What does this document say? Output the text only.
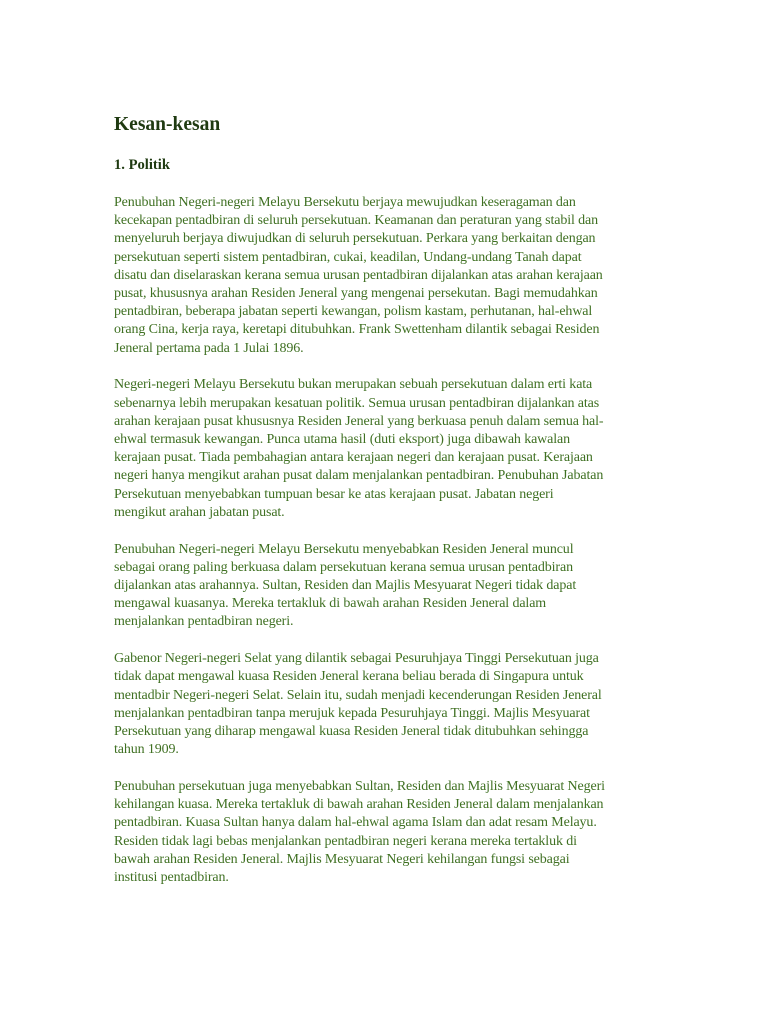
Kesan-kesan
1. Politik

Penubuhan Negeri-negeri Melayu Bersekutu berjaya mewujudkan keseragaman dan
kecekapan pentadbiran di seluruh persekutuan. Keamanan dan peraturan yang stabil dan
menyeluruh berjaya diwujudkan di seluruh persekutuan. Perkara yang berkaitan dengan
persekutuan seperti sistem pentadbiran, cukai, keadilan, Undang-undang Tanah dapat
disatu dan diselaraskan kerana semua urusan pentadbiran dijalankan atas arahan kerajaan
pusat, khususnya arahan Residen Jeneral yang mengenai persekutan. Bagi memudahkan
pentadbiran, beberapa jabatan seperti kewangan, polism kastam, perhutanan, hal-ehwal
orang Cina, kerja raya, keretapi ditubuhkan. Frank Swettenham dilantik sebagai Residen
Jeneral pertama pada 1 Julai 1896.

Negeri-negeri Melayu Bersekutu bukan merupakan sebuah persekutuan dalam erti kata
sebenarnya lebih merupakan kesatuan politik. Semua urusan pentadbiran dijalankan atas
arahan kerajaan pusat khususnya Residen Jeneral yang berkuasa penuh dalam semua hal-
ehwal termasuk kewangan. Punca utama hasil (duti eksport) juga dibawah kawalan
kerajaan pusat. Tiada pembahagian antara kerajaan negeri dan kerajaan pusat. Kerajaan
negeri hanya mengikut arahan pusat dalam menjalankan pentadbiran. Penubuhan Jabatan
Persekutuan menyebabkan tumpuan besar ke atas kerajaan pusat. Jabatan negeri
mengikut arahan jabatan pusat.

Penubuhan Negeri-negeri Melayu Bersekutu menyebabkan Residen Jeneral muncul
sebagai orang paling berkuasa dalam persekutuan kerana semua urusan pentadbiran
dijalankan atas arahannya. Sultan, Residen dan Majlis Mesyuarat Negeri tidak dapat
mengawal kuasanya. Mereka tertakluk di bawah arahan Residen Jeneral dalam
menjalankan pentadbiran negeri.

Gabenor Negeri-negeri Selat yang dilantik sebagai Pesuruhjaya Tinggi Persekutuan juga
tidak dapat mengawal kuasa Residen Jeneral kerana beliau berada di Singapura untuk
mentadbir Negeri-negeri Selat. Selain itu, sudah menjadi kecenderungan Residen Jeneral
menjalankan pentadbiran tanpa merujuk kepada Pesuruhjaya Tinggi. Majlis Mesyuarat
Persekutuan yang diharap mengawal kuasa Residen Jeneral tidak ditubuhkan sehingga
tahun 1909.

Penubuhan persekutuan juga menyebabkan Sultan, Residen dan Majlis Mesyuarat Negeri
kehilangan kuasa. Mereka tertakluk di bawah arahan Residen Jeneral dalam menjalankan
pentadbiran. Kuasa Sultan hanya dalam hal-ehwal agama Islam dan adat resam Melayu.
Residen tidak lagi bebas menjalankan pentadbiran negeri kerana mereka tertakluk di
bawah arahan Residen Jeneral. Majlis Mesyuarat Negeri kehilangan fungsi sebagai
institusi pentadbiran.
